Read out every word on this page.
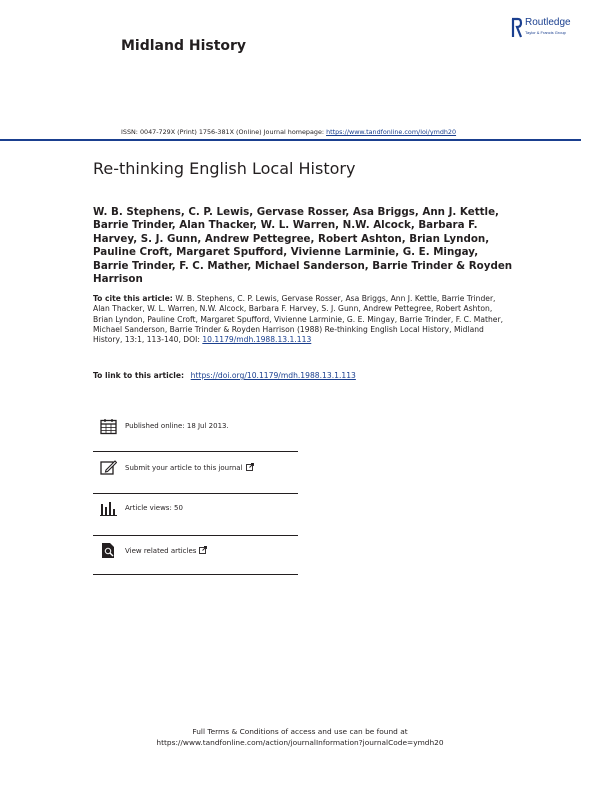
Midland History
Routledge
Taylor & Francis Group
ISSN: 0047-729X (Print) 1756-381X (Online) Journal homepage: https://www.tandfonline.com/loi/ymdh20
Re-thinking English Local History
W. B. Stephens, C. P. Lewis, Gervase Rosser, Asa Briggs, Ann J. Kettle, Barrie Trinder, Alan Thacker, W. L. Warren, N.W. Alcock, Barbara F. Harvey, S. J. Gunn, Andrew Pettegree, Robert Ashton, Brian Lyndon, Pauline Croft, Margaret Spufford, Vivienne Larminie, G. E. Mingay, Barrie Trinder, F. C. Mather, Michael Sanderson, Barrie Trinder & Royden Harrison
To cite this article: W. B. Stephens, C. P. Lewis, Gervase Rosser, Asa Briggs, Ann J. Kettle, Barrie Trinder, Alan Thacker, W. L. Warren, N.W. Alcock, Barbara F. Harvey, S. J. Gunn, Andrew Pettegree, Robert Ashton, Brian Lyndon, Pauline Croft, Margaret Spufford, Vivienne Larminie, G. E. Mingay, Barrie Trinder, F. C. Mather, Michael Sanderson, Barrie Trinder & Royden Harrison (1988) Re-thinking English Local History, Midland History, 13:1, 113-140, DOI: 10.1179/mdh.1988.13.1.113
To link to this article: https://doi.org/10.1179/mdh.1988.13.1.113
Published online: 18 Jul 2013.
Submit your article to this journal
Article views: 50
View related articles
Full Terms & Conditions of access and use can be found at
https://www.tandfonline.com/action/journalInformation?journalCode=ymdh20
